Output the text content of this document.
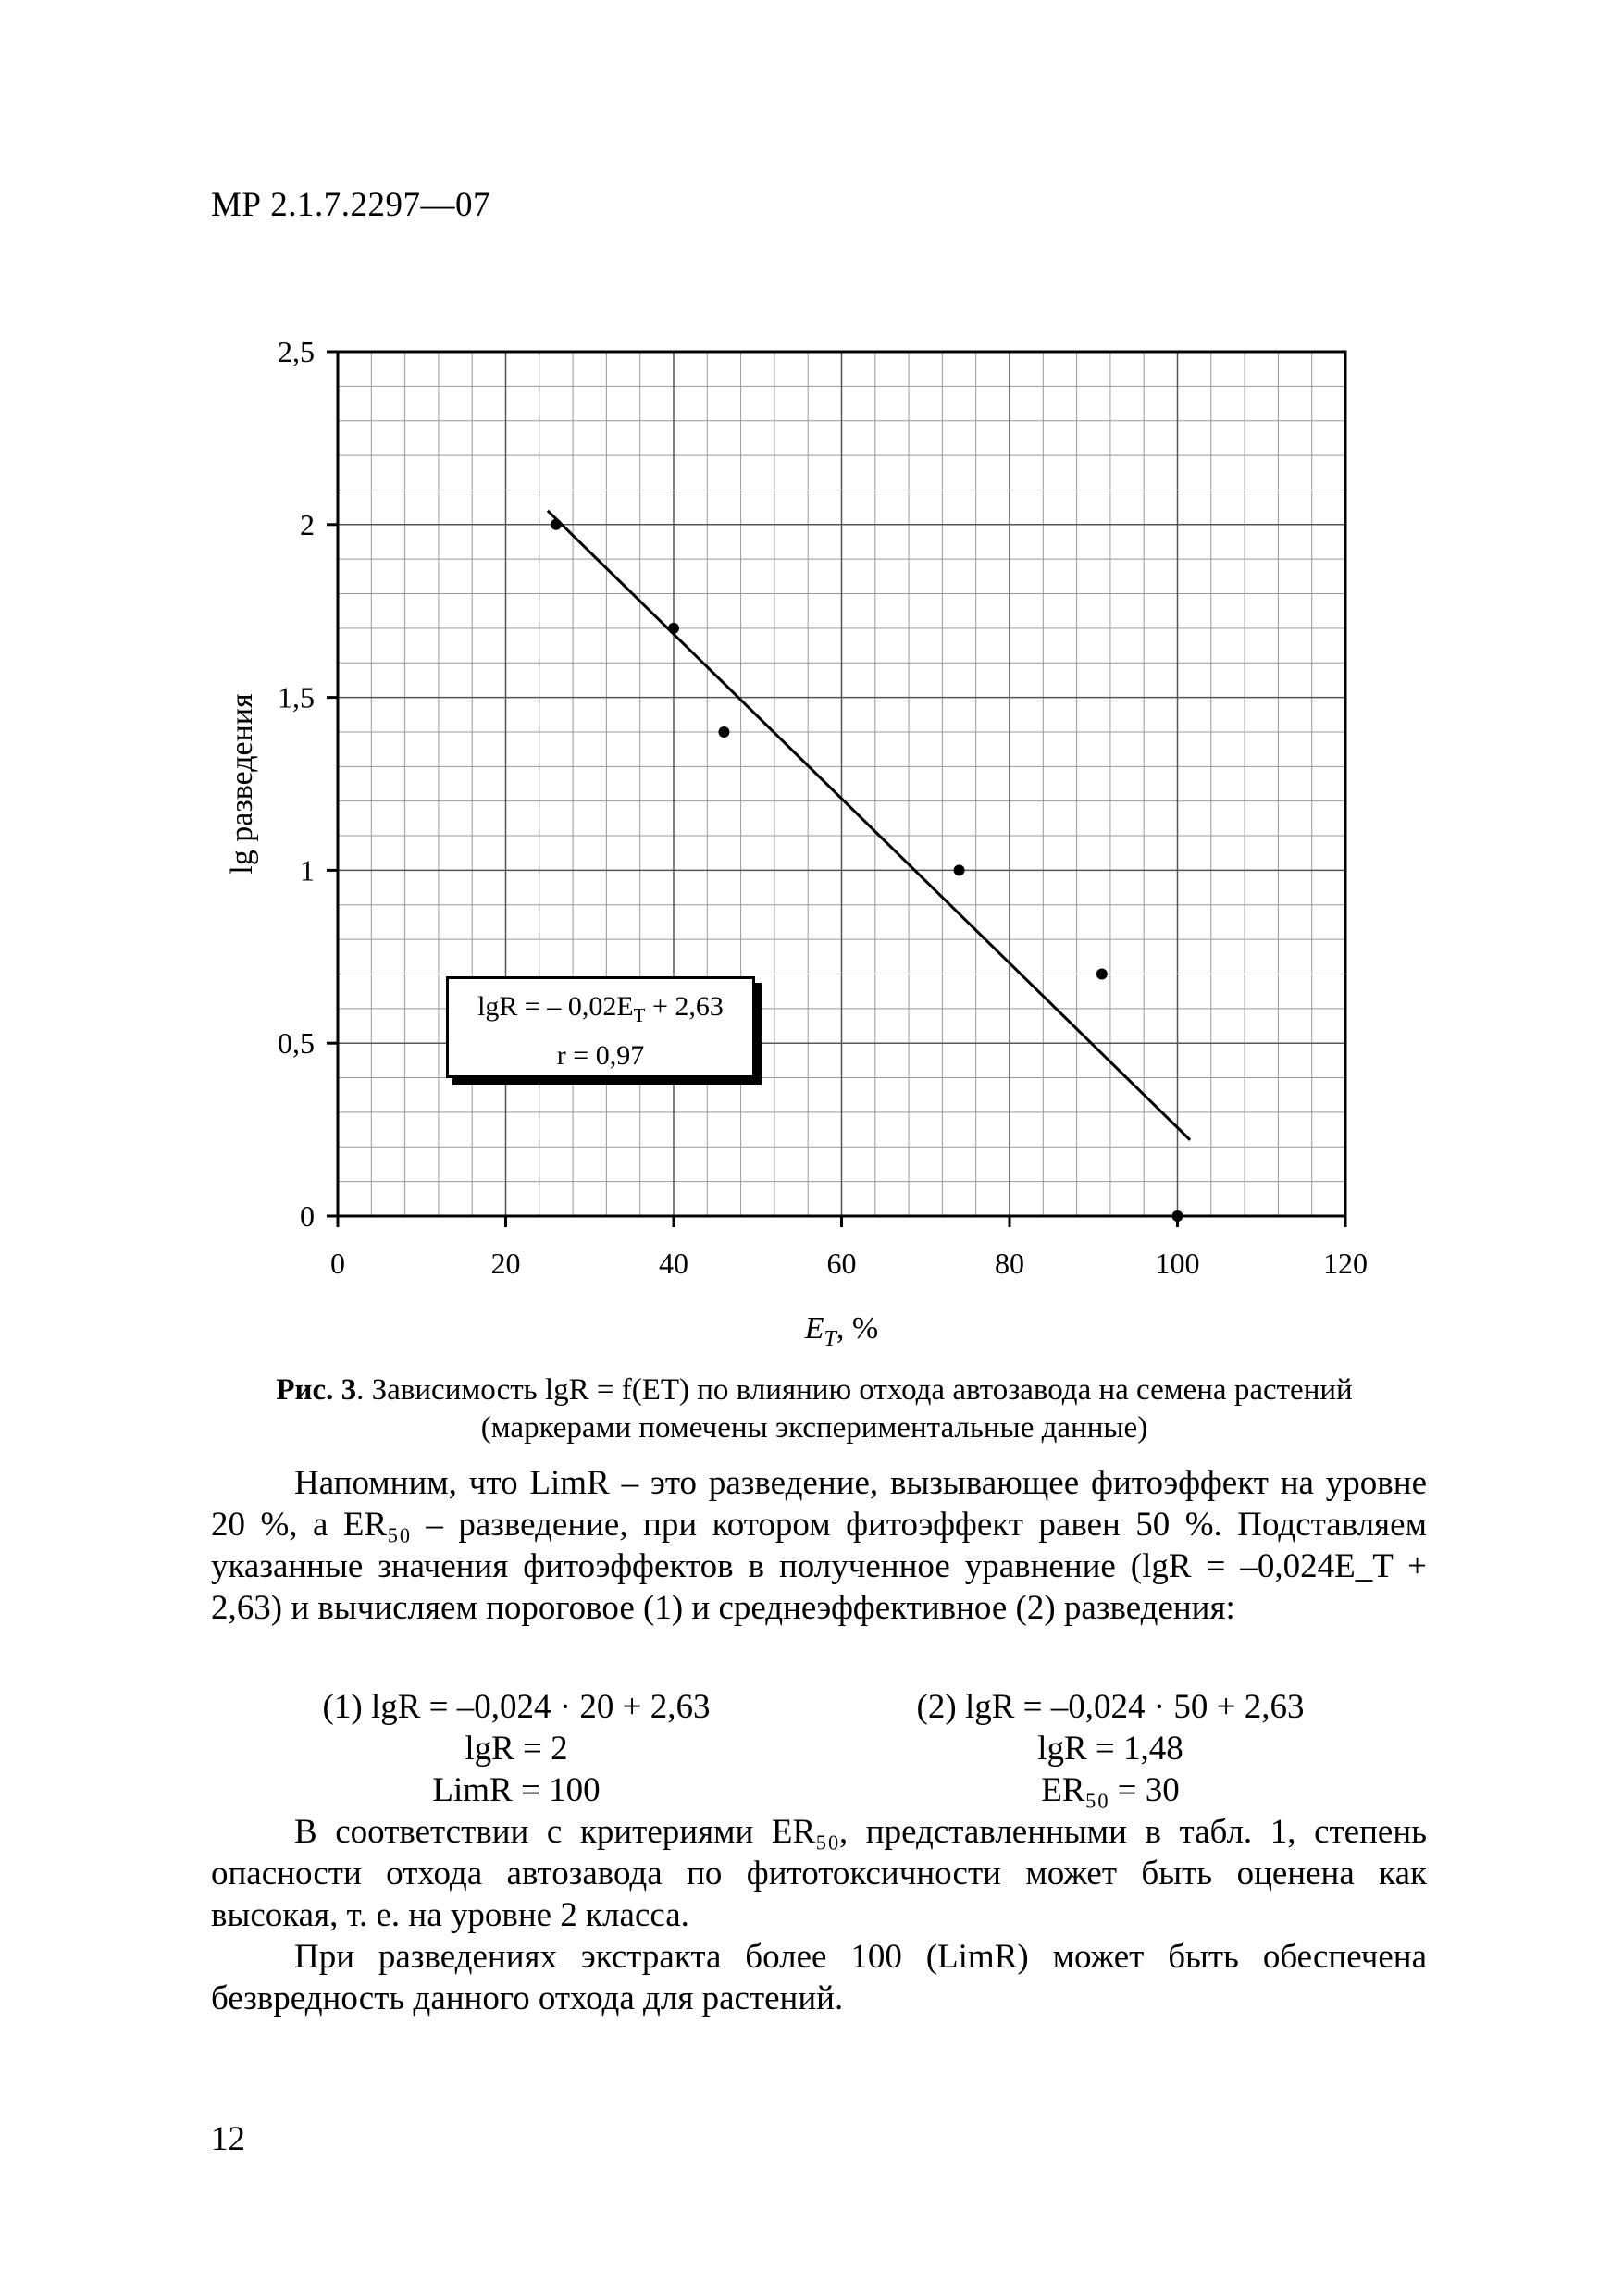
МР 2.1.7.2297—07
0	20	40	60	80	100	120
0
0,5
1
1,5
2
2,5
$E_T$, %
lg разведения
lgR = – $0,02E_T + 2,63$
r = 0,97
Рис. 3. Зависимость lgR = f(ET) по влиянию отхода автозавода на семена растений (маркерами помечены экспериментальные данные)

Напомним, что LimR – это разведение, вызывающее фитоэффект на уровне 20 %, а ER₅₀ – разведение, при котором фитоэффект равен 50 %. Подставляем указанные значения фитоэффектов в полученное уравнение (lgR = –0,024E_T + 2,63) и вычисляем пороговое (1) и среднеэффективное (2) разведения:

(1) lgR = –0,024 · 20 + 2,63
lgR = 2
LimR = 100
(2) lgR = –0,024 · 50 + 2,63
lgR = 1,48
ER₅₀ = 30

В соответствии с критериями ER₅₀, представленными в табл. 1, степень опасности отхода автозавода по фитотоксичности может быть оценена как высокая, т. е. на уровне 2 класса.

При разведениях экстракта более 100 (LimR) может быть обеспечена безвредность данного отхода для растений.

12
